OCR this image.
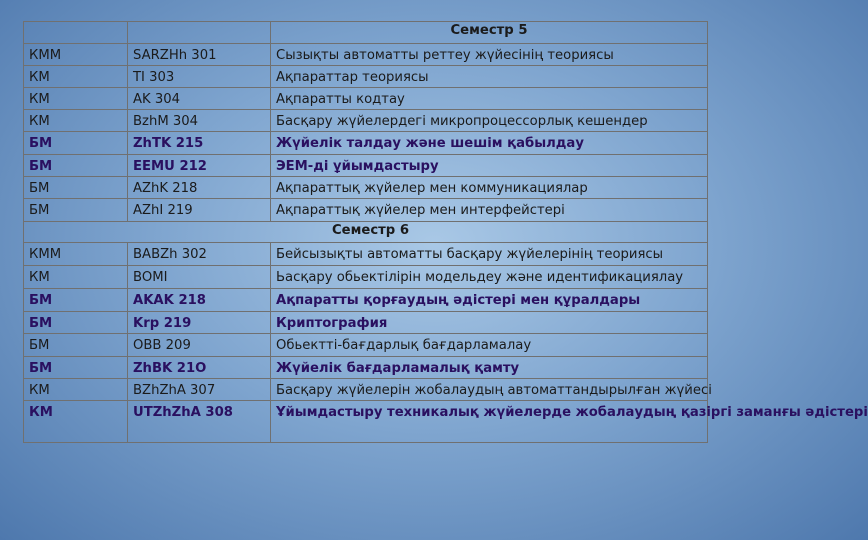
		Семестр 5
КММ	SARZHh 301	Сызықты автоматты реттеу жүйесінің теориясы
КМ	TI 303	Ақпараттар теориясы
КМ	AK 304	Ақпаратты кодтау
КМ	BzhM 304	Басқару жүйелердегі микропроцессорлық кешендер
БМ	ZhTK 215	Жүйелік талдау және шешім қабылдау
БМ	EEMU 212	ЭЕМ-ді ұйымдастыру
БМ	AZhK 218	Ақпараттық жүйелер мен коммуникациялар
БМ	AZhI 219	Ақпараттық жүйелер мен интерфейстері
Семестр 6		
КММ	BABZh 302	Бейсызықты автоматты басқару жүйелерінің теориясы
КМ	BOMI	Ьасқару обьектілірін модельдеу және идентификациялау
БМ	AKAK 218	Ақпаратты қорғаудың әдістері мен құралдары
БМ	Krp 219	Криптография
БМ	OBB 209	Обьектті-бағдарлық бағдарламалау
БМ	ZhBK 21O	Жүйелік бағдарламалық қамту
КМ	BZhZhA 307	Басқару жүйелерін жобалаудың автоматтандырылған жүйесі
КМ	UTZhZhA 308	Ұйымдастыру техникалық жүйелерде жобалаудың қазіргі заманғы әдістері
